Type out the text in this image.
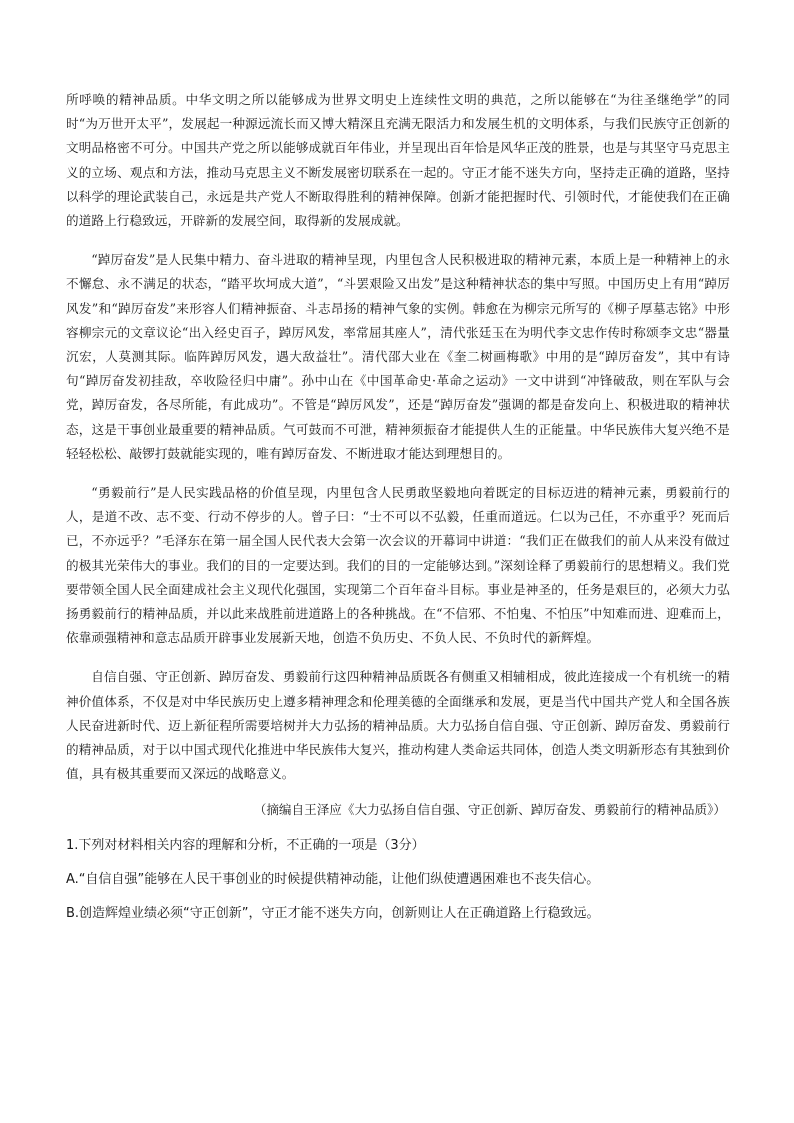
所呼唤的精神品质。中华文明之所以能够成为世界文明史上连续性文明的典范，之所以能够在“为往圣继绝学”的同时“为万世开太平”，发展起一种源远流长而又博大精深且充满无限活力和发展生机的文明体系，与我们民族守正创新的文明品格密不可分。中国共产党之所以能够成就百年伟业，并呈现出百年恰是风华正茂的胜景，也是与其坚守马克思主义的立场、观点和方法，推动马克思主义不断发展密切联系在一起的。守正才能不迷失方向，坚持走正确的道路，坚持以科学的理论武装自己，永远是共产党人不断取得胜利的精神保障。创新才能把握时代、引领时代，才能使我们在正确的道路上行稳致远，开辟新的发展空间，取得新的发展成就。

“踔厉奋发”是人民集中精力、奋斗进取的精神呈现，内里包含人民积极进取的精神元素，本质上是一种精神上的永不懈怠、永不满足的状态，“踏平坎坷成大道”，“斗罢艰险又出发”是这种精神状态的集中写照。中国历史上有用“踔厉风发”和“踔厉奋发”来形容人们精神振奋、斗志昂扬的精神气象的实例。韩愈在为柳宗元所写的《柳子厚墓志铭》中形容柳宗元的文章议论“出入经史百子，踔厉风发，率常屈其座人”，清代张廷玉在为明代李文忠作传时称颂李文忠“器量沉宏，人莫测其际。临阵踔厉风发，遇大敌益壮”。清代邵大业在《奎二树画梅歌》中用的是“踔厉奋发”，其中有诗句“踔厉奋发初挂敌，卒收险径归中庸”。孙中山在《中国革命史·革命之运动》一文中讲到“冲锋破敌，则在军队与会党，踔厉奋发，各尽所能，有此成功”。不管是“踔厉风发”，还是“踔厉奋发”强调的都是奋发向上、积极进取的精神状态，这是干事创业最重要的精神品质。气可鼓而不可泄，精神须振奋才能提供人生的正能量。中华民族伟大复兴绝不是轻轻松松、敲锣打鼓就能实现的，唯有踔厉奋发、不断进取才能达到理想目的。

“勇毅前行”是人民实践品格的价值呈现，内里包含人民勇敢坚毅地向着既定的目标迈进的精神元素，勇毅前行的人，是道不改、志不变、行动不停步的人。曾子曰：“士不可以不弘毅，任重而道远。仁以为己任，不亦重乎？死而后已，不亦远乎？”毛泽东在第一届全国人民代表大会第一次会议的开幕词中讲道：“我们正在做我们的前人从来没有做过的极其光荣伟大的事业。我们的目的一定要达到。我们的目的一定能够达到。”深刻诠释了勇毅前行的思想精义。我们党要带领全国人民全面建成社会主义现代化强国，实现第二个百年奋斗目标。事业是神圣的，任务是艰巨的，必须大力弘扬勇毅前行的精神品质，并以此来战胜前进道路上的各种挑战。在“不信邪、不怕鬼、不怕压”中知难而进、迎难而上，依靠顽强精神和意志品质开辟事业发展新天地，创造不负历史、不负人民、不负时代的新辉煌。

自信自强、守正创新、踔厉奋发、勇毅前行这四种精神品质既各有侧重又相辅相成，彼此连接成一个有机统一的精神价值体系，不仅是对中华民族历史上遵多精神理念和伦理美德的全面继承和发展，更是当代中国共产党人和全国各族人民奋进新时代、迈上新征程所需要培树并大力弘扬的精神品质。大力弘扬自信自强、守正创新、踔厉奋发、勇毅前行的精神品质，对于以中国式现代化推进中华民族伟大复兴，推动构建人类命运共同体，创造人类文明新形态有其独到价值，具有极其重要而又深远的战略意义。

（摘编自王泽应《大力弘扬自信自强、守正创新、踔厉奋发、勇毅前行的精神品质》）

1.下列对材料相关内容的理解和分析，不正确的一项是（3分）

A.“自信自强”能够在人民干事创业的时候提供精神动能，让他们纵使遭遇困难也不丧失信心。

B.创造辉煌业绩必须“守正创新”，守正才能不迷失方向，创新则让人在正确道路上行稳致远。
